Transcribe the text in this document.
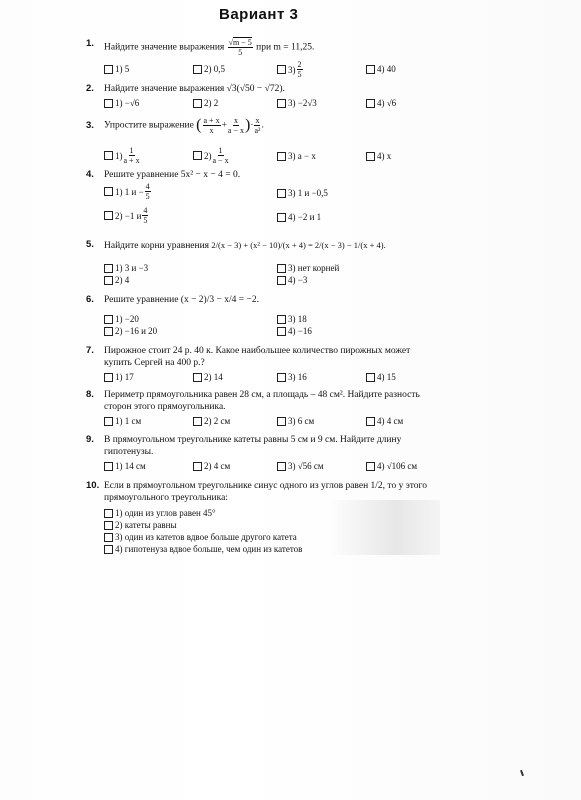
Вариант 3
1. Найдите значение выражения $\frac{√m - 5}{5}$ при m = 11,25.
1) 5	2) 0,5	$3) \frac{2}{5}$	4) 40
2. Найдите значение выражения √3(√50 − √72).
1) −√6	2) 2	3) −2√3	4) √6
3. Упростите выражение ( $\frac{a + x}{x} + \frac{x}{a - x}$ )· $\frac{x}{\text{a²}}$ .
$1) \frac{1}{a + x}$	$2) \frac{1}{a - x}$	3) a − x	4) x
4. Решите уравнение 5x² − x − 4 = 0.
1) 1 $и - \frac{4}{5}$	3) 1 и −0,5
2) −1 и $\frac{4}{5}$	4) −2 и 1
5. Найдите корни уравнения 2/(x − 3) + (x² − 10)/(x + 4) = 2/(x − 3) − 1/(x + 4).
1) 3 и −3	3) нет корней
2) 4	4) −3
6. Решите уравнение (x − 2)/3 − x/4 = −2.
1) −20	3) 18
2) −16 и 20	4) −16
7. Пирожное стоит 24 р. 40 к. Какое наибольшее количество пирожных может купить Сергей на 400 р.?
1) 17	2) 14	3) 16	4) 15
8. Периметр прямоугольника равен 28 см, а площадь – 48 см². Найдите разность сторон этого прямоугольника.
1) 1 см	2) 2 см	3) 6 см	4) 4 см
9. В прямоугольном треугольнике катеты равны 5 см и 9 см. Найдите длину гипотенузы.
1) 14 см	2) 4 см	3) √56 см	4) √106 см
10. Если в прямоугольном треугольнике синус одного из углов равен 1/2, то у этого прямоугольного треугольника:
1) один из углов равен 45°
2) катеты равны
3) один из катетов вдвое больше другого катета
4) гипотенуза вдвое больше, чем один из катетов
